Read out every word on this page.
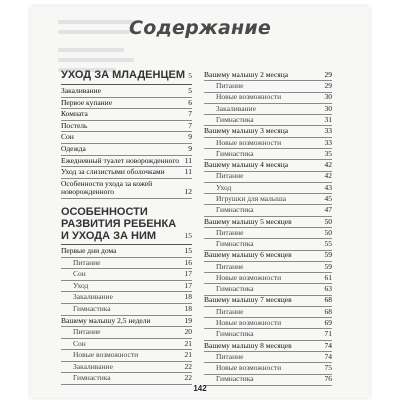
Содержание
УХОД ЗА МЛАДЕНЦЕМ 5
Закаливание	5
Первое купание	6
Комната	7
Постель	7
Сон	9
Одежда	9
Ежедневный туалет новорожденного 11
Уход за слизистыми оболочками	11
Особенности ухода за кожей новорожденного	12
ОСОБЕННОСТИ РАЗВИТИЯ РЕБЕНКА И УХОДА ЗА НИМ	15
Первые дни дома	15
Питание	16
Сон	17
Уход	17
Закаливание	18
Гимнастика	18
Вашему малышу 2,5 недели	19
Питание	20
Сон	21
Новые возможности	21
Закаливание	22
Гимнастика	22
Вашему малышу 2 месяца	29
Питание	29
Новые возможности	30
Закаливание	30
Гимнастика	31
Вашему малышу 3 месяца	33
Новые возможности	33
Гимнастика	35
Вашему малышу 4 месяца	42
Питание	42
Уход	43
Игрушки для малыша	45
Гимнастика	47
Вашему малышу 5 месяцев	50
Питание	50
Гимнастика	55
Вашему малышу 6 месяцев	59
Питание	59
Новые возможности	61
Гимнастика	63
Вашему малышу 7 месяцев	68
Питание	68
Новые возможности	69
Гимнастика	71
Вашему малышу 8 месяцев	74
Питание	74
Новые возможности	75
Гимнастика	76
142
